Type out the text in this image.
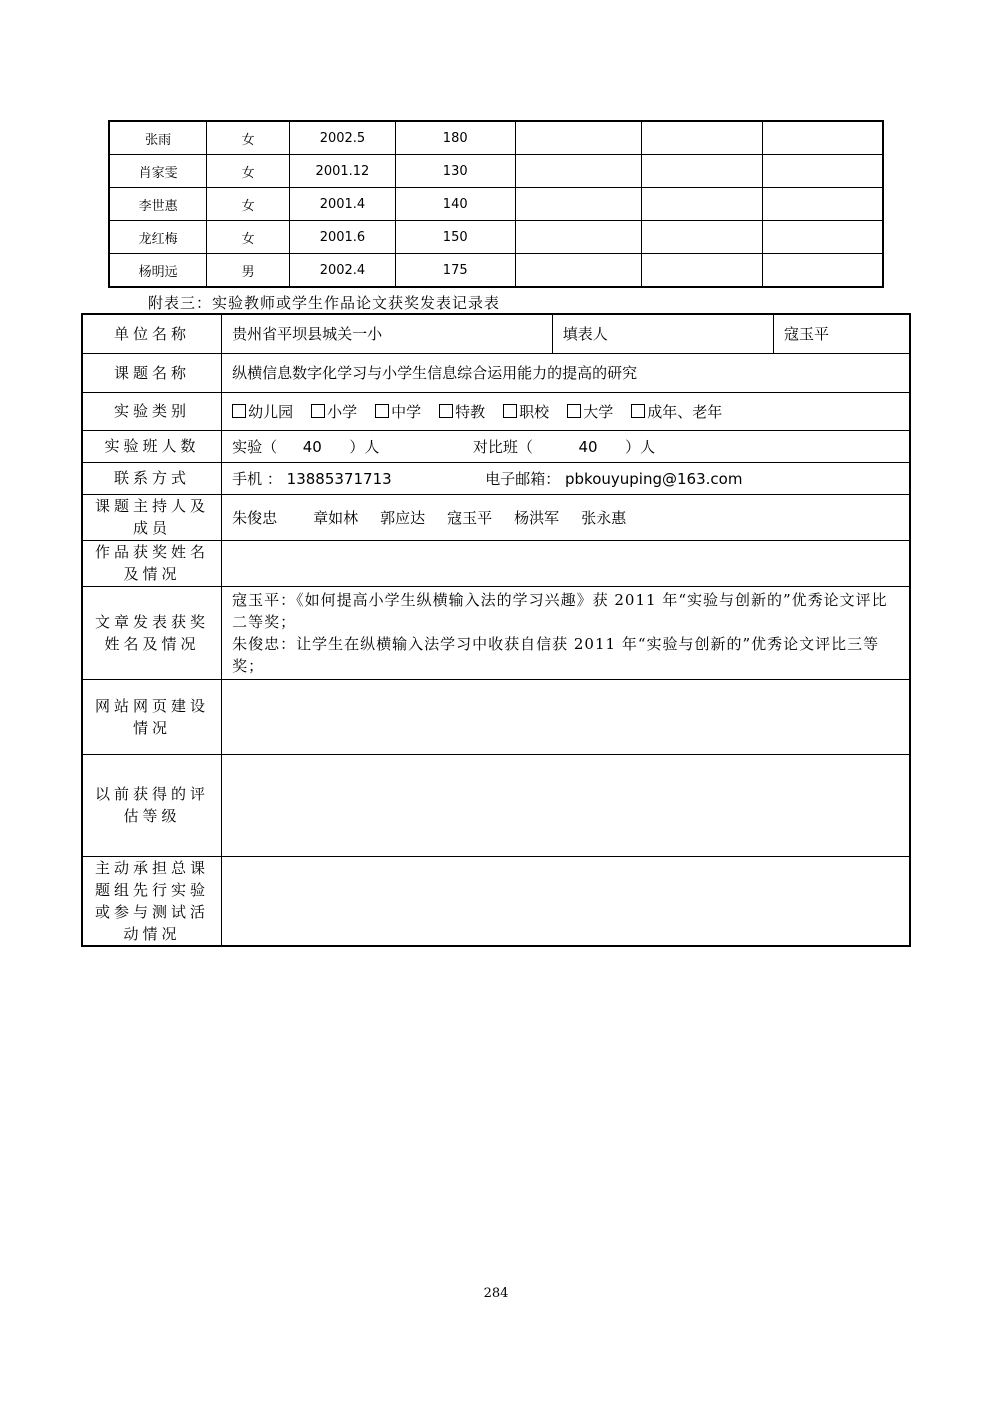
张雨	女	2002.5	180			
肖家雯	女	2001.12	130			
李世惠	女	2001.4	140			
龙红梅	女	2001.6	150			
杨明远	男	2002.4	175			
附表三：实验教师或学生作品论文获奖发表记录表
单位名称	贵州省平坝县城关一小	填表人	寇玉平
课题名称	纵横信息数字化学习与小学生信息综合运用能力的提高的研究		
实验类别	幼儿园 小学 中学 特教 职校 大学 成年、老年		
实验班人数	实验（ 40 ）人 对比班（ 40 ）人		
联系方式	手机 ： 13885371713 电子邮箱： pbkouyuping@163.com		
课题主持人及成员	朱俊忠 章如林 郭应达 寇玉平 杨洪军 张永惠		
作品获奖姓名及情况			
文章发表获奖姓名及情况	寇玉平：《如何提高小学生纵横输入法的学习兴趣》获 2011 年“实验与创新的”优秀论文评比二等奖；
朱俊忠：让学生在纵横输入法学习中收获自信获 2011 年“实验与创新的”优秀论文评比三等奖；		

网站网页建设情况			
以前获得的评估等级			
主动承担总课题组先行实验或参与测试活动情况			
284
